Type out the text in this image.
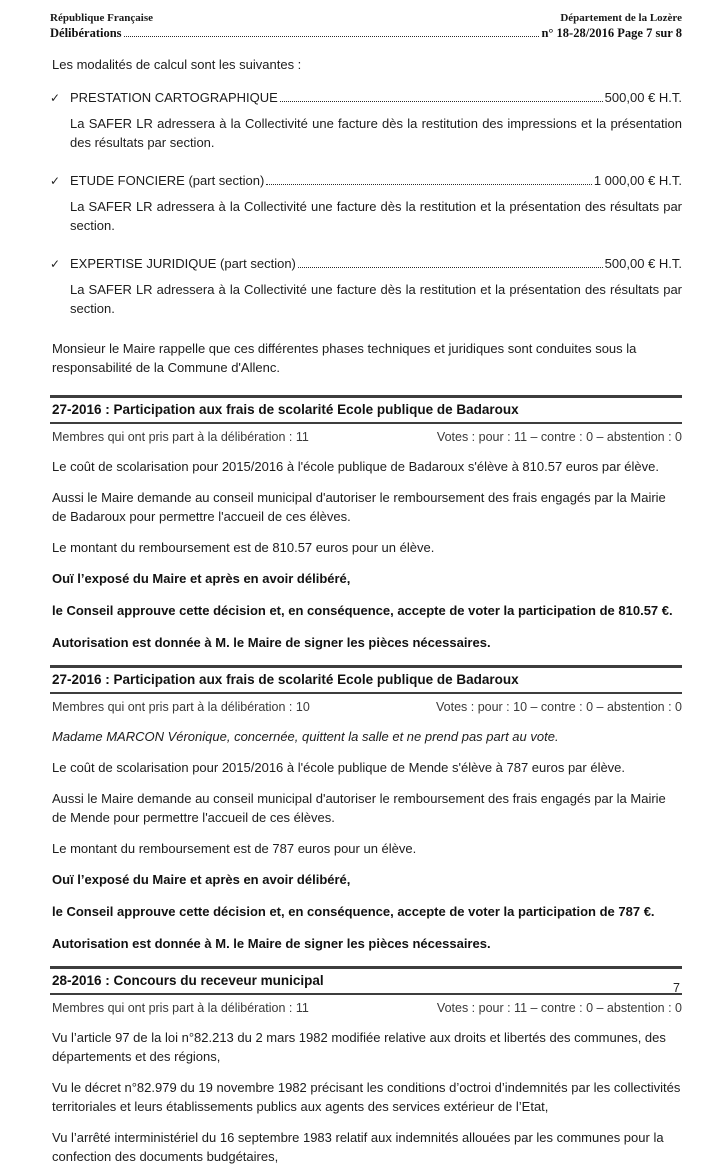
République Française	Département de la Lozère
Délibérations	n° 18-28/2016 Page 7 sur 8

Les modalités de calcul sont les suivantes :

✓ PRESTATION CARTOGRAPHIQUE	500,00 € H.T.

La SAFER LR adressera à la Collectivité une facture dès la restitution des impressions et la présentation des résultats par section.

✓ ETUDE FONCIERE (part section)	1 000,00 € H.T.

La SAFER LR adressera à la Collectivité une facture dès la restitution et la présentation des résultats par section.

✓ EXPERTISE JURIDIQUE (part section)	500,00 € H.T.

La SAFER LR adressera à la Collectivité une facture dès la restitution et la présentation des résultats par section.

Monsieur le Maire rappelle que ces différentes phases techniques et juridiques sont conduites sous la responsabilité de la Commune d'Allenc.

27-2016 : Participation aux frais de scolarité Ecole publique de Badaroux
Membres qui ont pris part à la délibération : 11	Votes : pour : 11 – contre : 0 – abstention : 0

Le coût de scolarisation pour 2015/2016 à l'école publique de Badaroux s'élève à 810.57 euros par élève.

Aussi le Maire demande au conseil municipal d'autoriser le remboursement des frais engagés par la Mairie de Badaroux pour permettre l'accueil de ces élèves.

Le montant du remboursement est de 810.57 euros pour un élève.

Ouï l’exposé du Maire et après en avoir délibéré,

le Conseil approuve cette décision et, en conséquence, accepte de voter la participation de 810.57 €.

Autorisation est donnée à M. le Maire de signer les pièces nécessaires.

27-2016 : Participation aux frais de scolarité Ecole publique de Badaroux
Membres qui ont pris part à la délibération : 10	Votes : pour : 10 – contre : 0 – abstention : 0

Madame MARCON Véronique, concernée, quittent la salle et ne prend pas part au vote.

Le coût de scolarisation pour 2015/2016 à l'école publique de Mende s'élève à 787 euros par élève.

Aussi le Maire demande au conseil municipal d'autoriser le remboursement des frais engagés par la Mairie de Mende pour permettre l'accueil de ces élèves.

Le montant du remboursement est de 787 euros pour un élève.

Ouï l’exposé du Maire et après en avoir délibéré,

le Conseil approuve cette décision et, en conséquence, accepte de voter la participation de 787 €.

Autorisation est donnée à M. le Maire de signer les pièces nécessaires.

28-2016 : Concours du receveur municipal
Membres qui ont pris part à la délibération : 11	Votes : pour : 11 – contre : 0 – abstention : 0

Vu l’article 97 de la loi n°82.213 du 2 mars 1982 modifiée relative aux droits et libertés des communes, des départements et des régions,

Vu le décret n°82.979 du 19 novembre 1982 précisant les conditions d’octroi d’indemnités par les collectivités territoriales et leurs établissements publics aux agents des services extérieur de l’Etat,

Vu l’arrêté interministériel du 16 septembre 1983 relatif aux indemnités allouées par les communes pour la confection des documents budgétaires,

7
